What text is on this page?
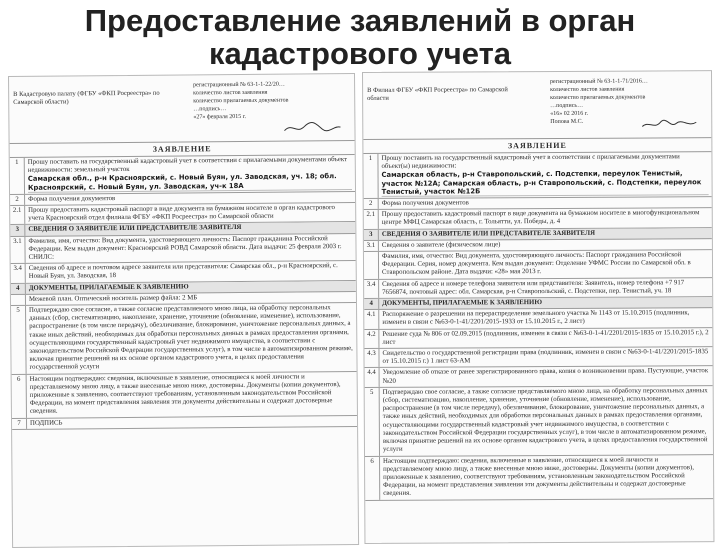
Предоставление заявлений в орган
кадастрового учета
В Кадастровую палату (ФГБУ «ФКП Росреестра» по Самарской области)
регистрационный № 63-1-1-22/20…
количество листов заявления
количество прилагаемых документов
…подпись…
«27» февраля 2015 г.
ЗАЯВЛЕНИЕ
1	Прошу поставить на государственный кадастровый учет в соответствии с прилагаемыми документами объект недвижимости: земельный участок
Самарская обл., р-н Красноярский, с. Новый Буян, ул. Заводская, уч. 18; обл. Красноярский, с. Новый Буян, ул. Заводская, уч-к 18А
2	Форма получения документов
2.1 Прошу предоставить кадастровый паспорт в виде документа на бумажном носителе в орган кадастрового учета Красноярский отдел филиала ФГБУ «ФКП Росреестра» по Самарской области
3	СВЕДЕНИЯ О ЗАЯВИТЕЛЕ ИЛИ ПРЕДСТАВИТЕЛЕ ЗАЯВИТЕЛЯ
3.1 Фамилия, имя, отчество: Вид документа, удостоверяющего личность: Паспорт гражданина Российской Федерации. Кем выдан документ: Красноярский РОВД Самарской области. Дата выдачи: 25 февраля 2003 г. СНИЛС:
3.4 Сведения об адресе и почтовом адресе заявителя или представителя: Самарская обл., р-н Красноярский, с. Новый Буян, ул. Заводская, 18
4	ДОКУМЕНТЫ, ПРИЛАГАЕМЫЕ К ЗАЯВЛЕНИЮ
Межевой план. Оптический носитель размер файла: 2 МБ
5	Подтверждаю свое согласие, а также согласие представляемого мною лица, на обработку персональных данных (сбор, систематизацию, накопление, хранение, уточнение (обновление, изменение), использование, распространение (в том числе передачу), обезличивание, блокирование, уничтожение персональных данных, а также иных действий, необходимых для обработки персональных данных в рамках предоставления органами, осуществляющими государственный кадастровый учет недвижимого имущества, в соответствии с законодательством Российской Федерации государственных услуг), в том числе в автоматизированном режиме, включая принятие решений на их основе органом кадастрового учета, в целях предоставления государственной услуги
6	Настоящим подтверждаю: сведения, включенные в заявление, относящиеся к моей личности и представляемому мною лицу, а также внесенные мною ниже, достоверны. Документы (копии документов), приложенные к заявлению, соответствуют требованиям, установленным законодательством Российской Федерации, на момент представления заявления эти документы действительны и содержат достоверные сведения.
7	ПОДПИСЬ
В Филиал ФГБУ «ФКП Росреестра» по Самарской области
регистрационный № 63-1-1-71/2016…
количество листов заявления
количество прилагаемых документов
…подпись…
«16» 02 2016 г.
Попова М.С.
ЗАЯВЛЕНИЕ
1	Прошу поставить на государственный кадастровый учет в соответствии с прилагаемыми документами объект(ы) недвижимости:
Самарская область, р-н Ставропольский, с. Подстепки, переулок Тенистый, участок №12А; Самарская область, р-н Ставропольский, с. Подстепки, переулок Тенистый, участок №12Б
2	Форма получения документов
2.1 Прошу предоставить кадастровый паспорт в виде документа на бумажном носителе в многофункциональном центре МФЦ Самарская область, г. Тольятти, ул. Победы, д. 4
3	СВЕДЕНИЯ О ЗАЯВИТЕЛЕ ИЛИ ПРЕДСТАВИТЕЛЕ ЗАЯВИТЕЛЯ
3.1 Сведения о заявителе (физическом лице)
Фамилия, имя, отчество: Вид документа, удостоверяющего личность: Паспорт гражданина Российской Федерации. Серия, номер документа. Кем выдан документ: Отделение УФМС России по Самарской обл. в Ставропольском районе. Дата выдачи: «28» мая 2013 г.
3.4 Сведения об адресе и номере телефона заявителя или представителя: Заявитель, номер телефона +7 917 7656874, почтовый адрес: обл. Самарская, р-н Ставропольский, с. Подстепки, пер. Тенистый, уч. 18
4	ДОКУМЕНТЫ, ПРИЛАГАЕМЫЕ К ЗАЯВЛЕНИЮ
4.1 Распоряжение о разрешении на перераспределение земельного участка № 1143 от 15.10.2015 (подлинник, изменен в связи с №63-0-1-41/2201/2015-1933 от 15.10.2015 г., 2 лист)
4.2 Решение суда № 806 от 02.09.2015 (подлинник, изменен в связи с №63-0-1-41/2201/2015-1835 от 15.10.2015 г.), 2 лист
4.3 Свидетельство о государственной регистрации права (подлинник, изменен в связи с №63-0-1-41/2201/2015-1835 от 15.10.2015 г.) 1 лист 63-АМ
4.4 Уведомление об отказе от ранее зарегистрированного права, копия о возникновении права. Пустующие, участок №20
5	Подтверждаю свое согласие, а также согласие представляемого мною лица, на обработку персональных данных (сбор, систематизацию, накопление, хранение, уточнение (обновление, изменение), использование, распространение (в том числе передачу), обезличивание, блокирование, уничтожение персональных данных, а также иных действий, необходимых для обработки персональных данных в рамках предоставления органами, осуществляющими государственный кадастровый учет недвижимого имущества, в соответствии с законодательством Российской Федерации государственных услуг), в том числе в автоматизированном режиме, включая принятие решений на их основе органом кадастрового учета, в целях предоставления государственной услуги
6	Настоящим подтверждаю: сведения, включенные в заявление, относящиеся к моей личности и представляемому мною лицу, а также внесенные мною ниже, достоверны. Документы (копии документов), приложенные к заявлению, соответствуют требованиям, установленным законодательством Российской Федерации, на момент представления заявления эти документы действительны и содержат достоверные сведения.
